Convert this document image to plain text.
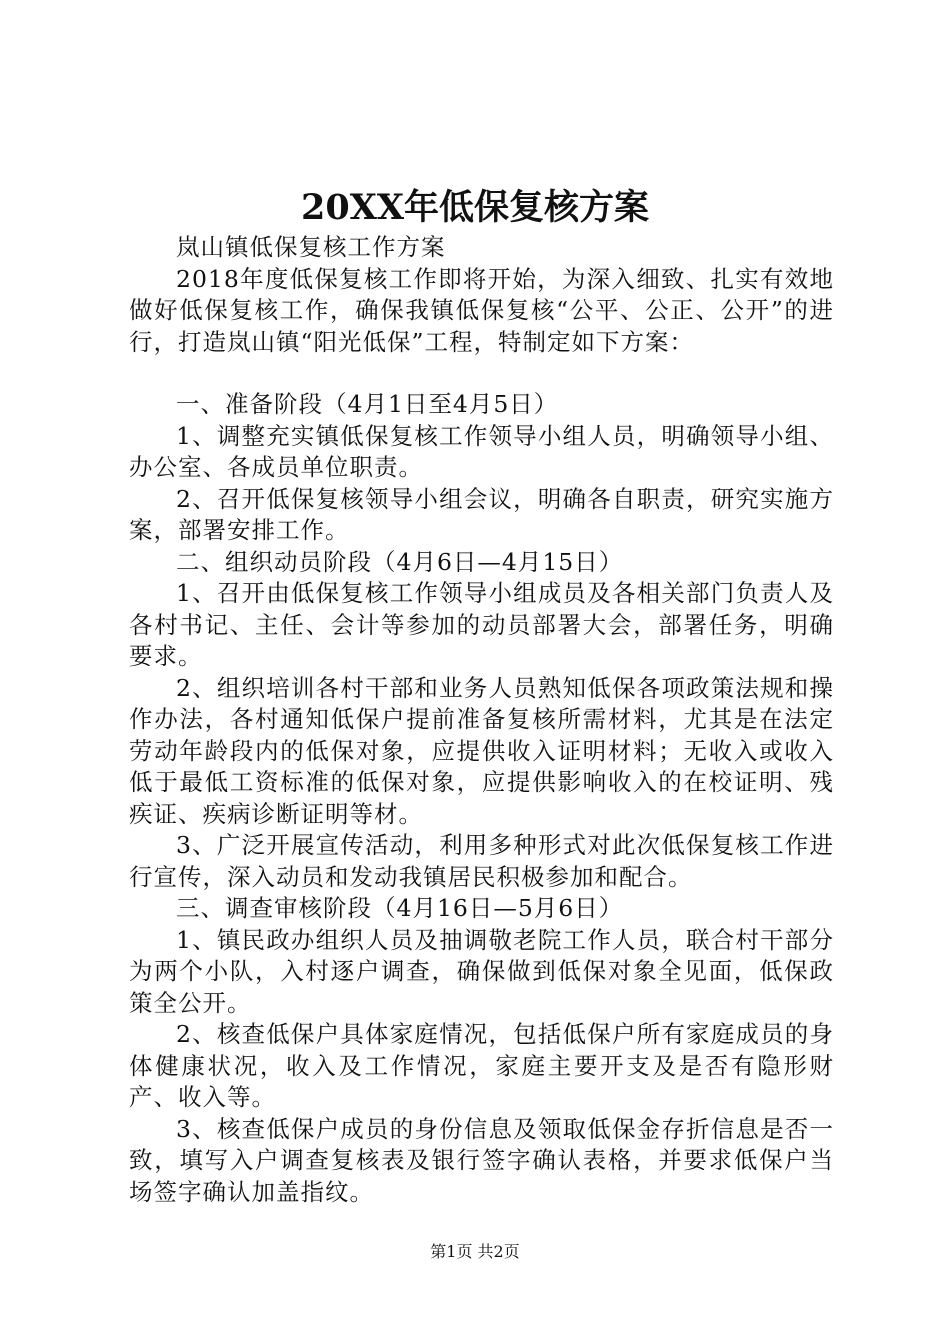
20XX年低保复核方案

岚山镇低保复核工作方案

2018年度低保复核工作即将开始，为深入细致、扎实有效地做好低保复核工作，确保我镇低保复核“公平、公正、公开”的进行，打造岚山镇“阳光低保”工程，特制定如下方案：

一、准备阶段（4月1日至4月5日）

1、调整充实镇低保复核工作领导小组人员，明确领导小组、办公室、各成员单位职责。

2、召开低保复核领导小组会议，明确各自职责，研究实施方案，部署安排工作。

二、组织动员阶段（4月6日—4月15日）

1、召开由低保复核工作领导小组成员及各相关部门负责人及各村书记、主任、会计等参加的动员部署大会，部署任务，明确要求。

2、组织培训各村干部和业务人员熟知低保各项政策法规和操作办法，各村通知低保户提前准备复核所需材料，尤其是在法定劳动年龄段内的低保对象，应提供收入证明材料；无收入或收入低于最低工资标准的低保对象，应提供影响收入的在校证明、残疾证、疾病诊断证明等材。

3、广泛开展宣传活动，利用多种形式对此次低保复核工作进行宣传，深入动员和发动我镇居民积极参加和配合。

三、调查审核阶段（4月16日—5月6日）

1、镇民政办组织人员及抽调敬老院工作人员，联合村干部分为两个小队，入村逐户调查，确保做到低保对象全见面，低保政策全公开。

2、核查低保户具体家庭情况，包括低保户所有家庭成员的身体健康状况，收入及工作情况，家庭主要开支及是否有隐形财产、收入等。

3、核查低保户成员的身份信息及领取低保金存折信息是否一致，填写入户调查复核表及银行签字确认表格，并要求低保户当场签字确认加盖指纹。

第1页 共2页
